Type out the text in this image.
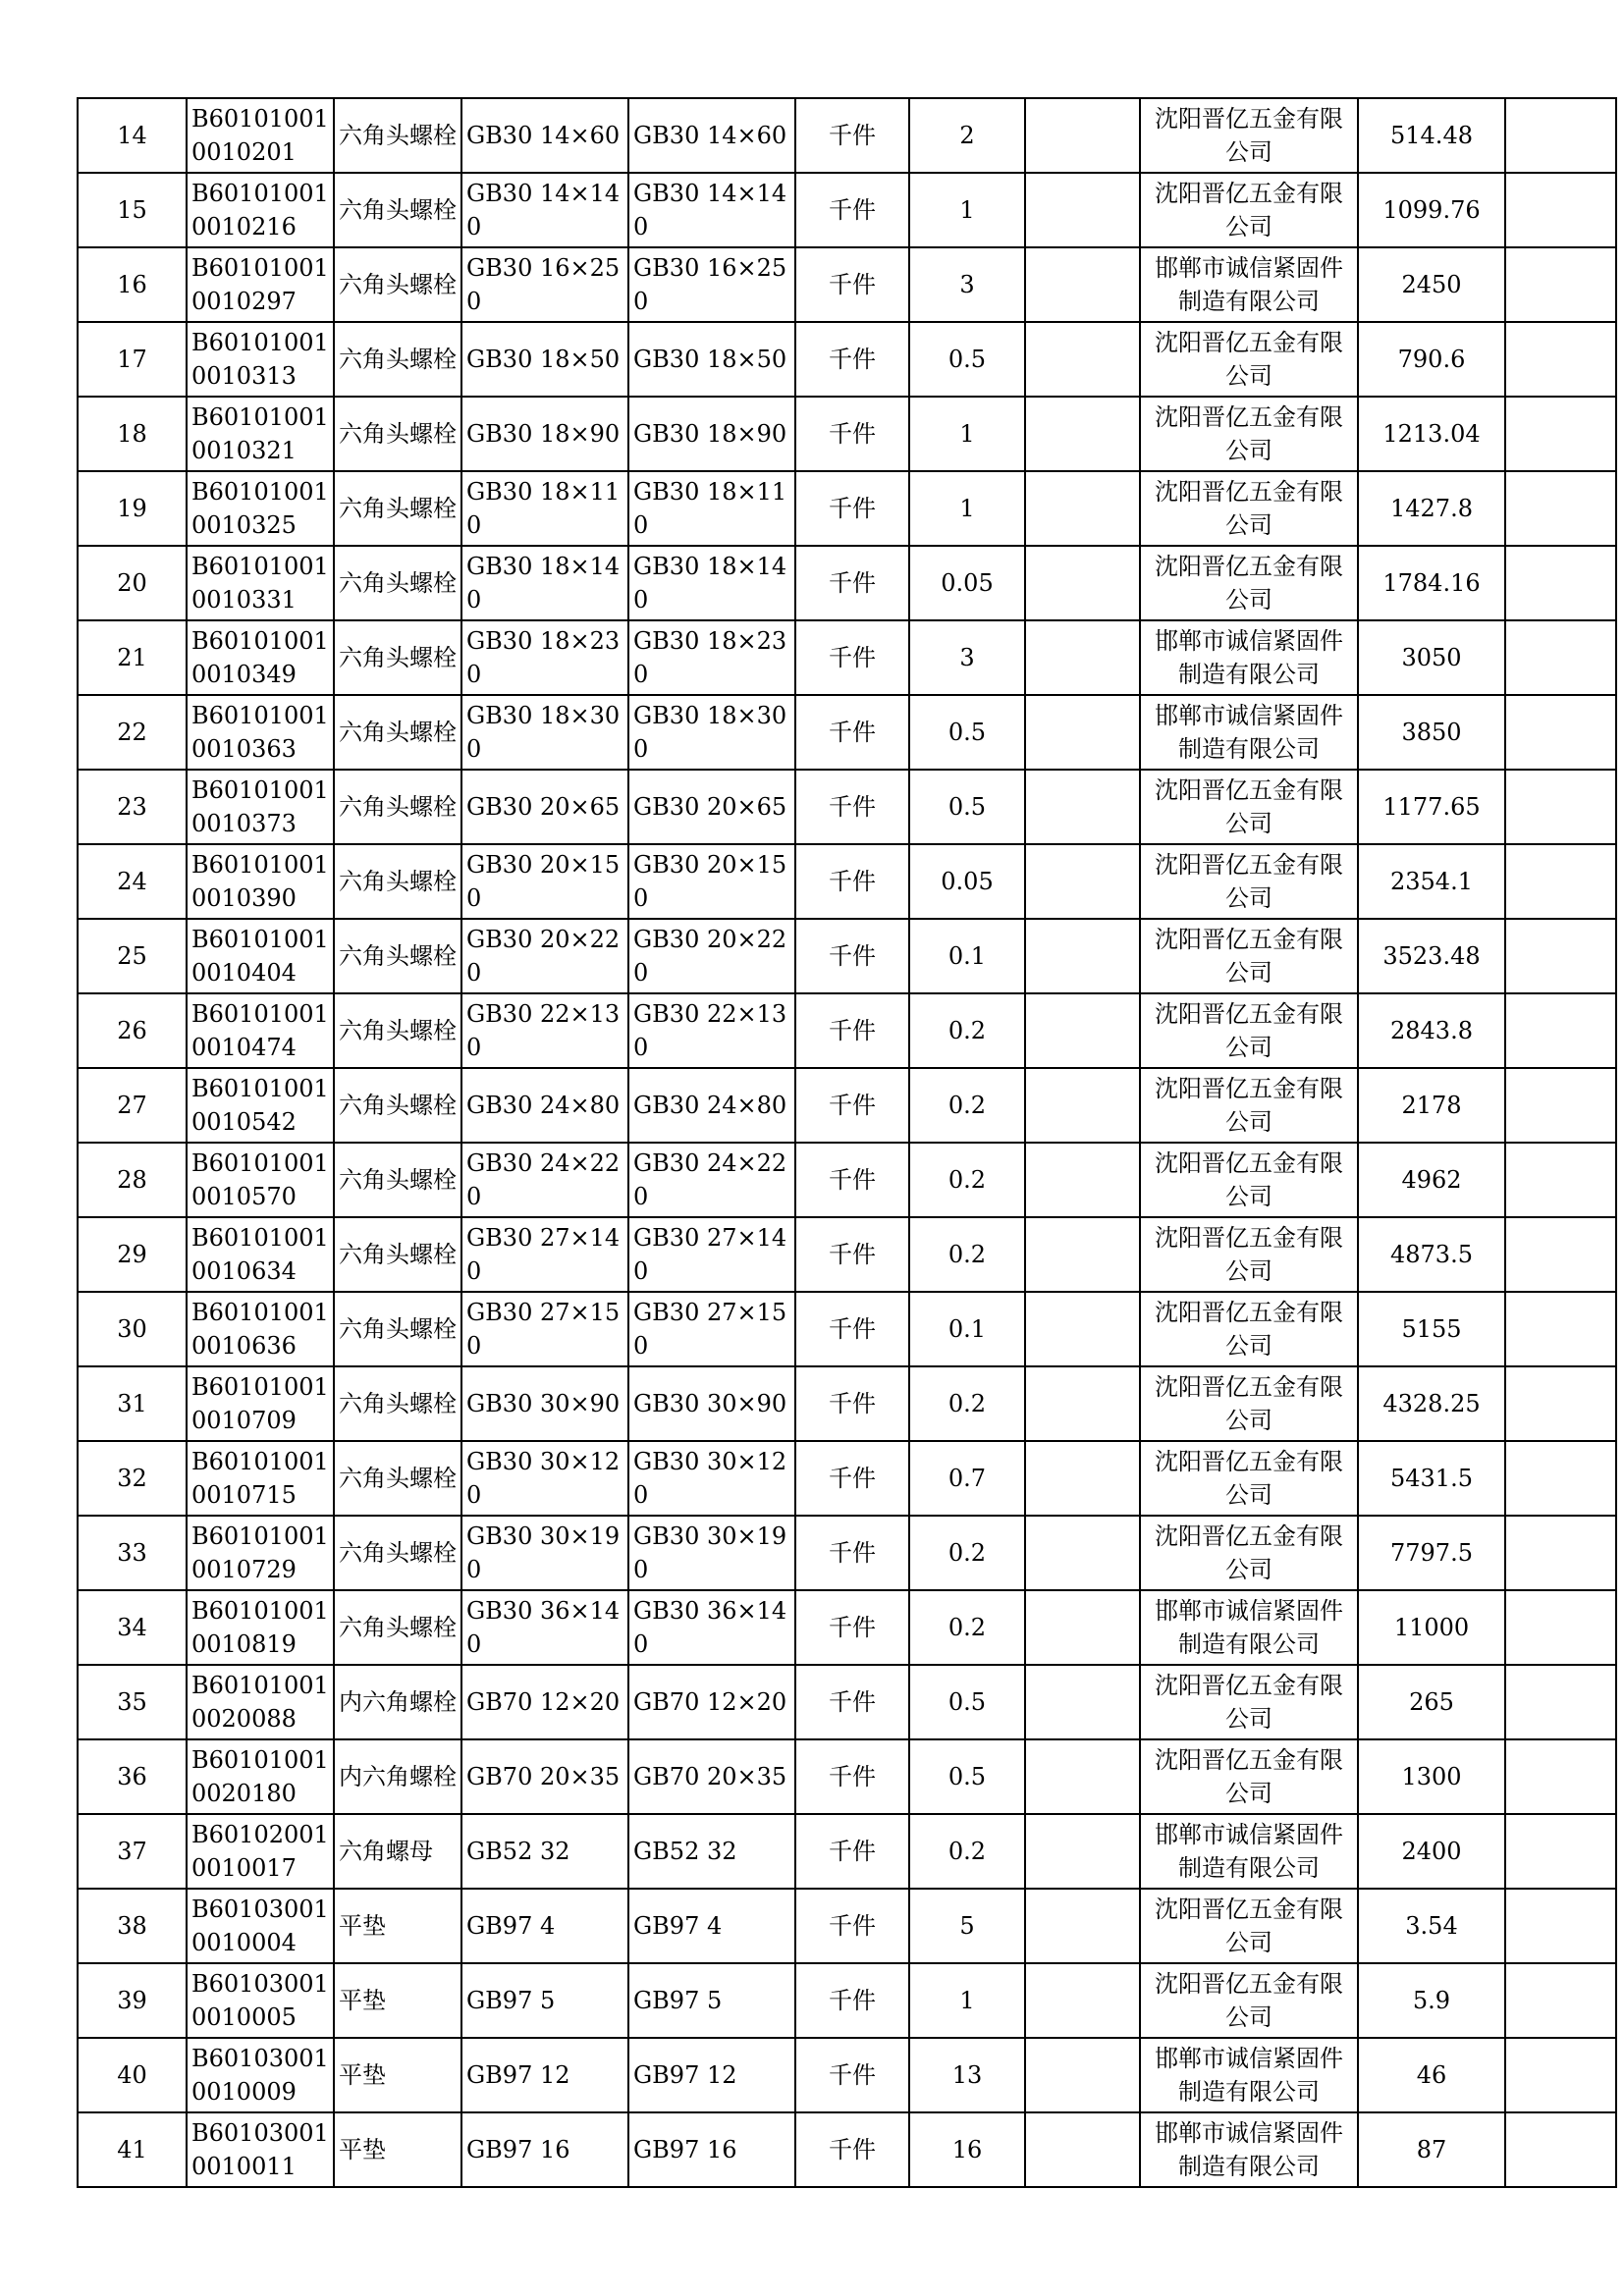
14	B601010010010201	六角头螺栓	GB30 14×60	GB30 14×60	千件	2		沈阳晋亿五金有限公司	514.48	
15	B601010010010216	六角头螺栓	GB30 14×140	GB30 14×140	千件	1		沈阳晋亿五金有限公司	1099.76	
16	B601010010010297	六角头螺栓	GB30 16×250	GB30 16×250	千件	3		邯郸市诚信紧固件制造有限公司	2450	
17	B601010010010313	六角头螺栓	GB30 18×50	GB30 18×50	千件	0.5		沈阳晋亿五金有限公司	790.6	
18	B601010010010321	六角头螺栓	GB30 18×90	GB30 18×90	千件	1		沈阳晋亿五金有限公司	1213.04	
19	B601010010010325	六角头螺栓	GB30 18×110	GB30 18×110	千件	1		沈阳晋亿五金有限公司	1427.8	
20	B601010010010331	六角头螺栓	GB30 18×140	GB30 18×140	千件	0.05		沈阳晋亿五金有限公司	1784.16	
21	B601010010010349	六角头螺栓	GB30 18×230	GB30 18×230	千件	3		邯郸市诚信紧固件制造有限公司	3050	
22	B601010010010363	六角头螺栓	GB30 18×300	GB30 18×300	千件	0.5		邯郸市诚信紧固件制造有限公司	3850	
23	B601010010010373	六角头螺栓	GB30 20×65	GB30 20×65	千件	0.5		沈阳晋亿五金有限公司	1177.65	
24	B601010010010390	六角头螺栓	GB30 20×150	GB30 20×150	千件	0.05		沈阳晋亿五金有限公司	2354.1	
25	B601010010010404	六角头螺栓	GB30 20×220	GB30 20×220	千件	0.1		沈阳晋亿五金有限公司	3523.48	
26	B601010010010474	六角头螺栓	GB30 22×130	GB30 22×130	千件	0.2		沈阳晋亿五金有限公司	2843.8	
27	B601010010010542	六角头螺栓	GB30 24×80	GB30 24×80	千件	0.2		沈阳晋亿五金有限公司	2178	
28	B601010010010570	六角头螺栓	GB30 24×220	GB30 24×220	千件	0.2		沈阳晋亿五金有限公司	4962	
29	B601010010010634	六角头螺栓	GB30 27×140	GB30 27×140	千件	0.2		沈阳晋亿五金有限公司	4873.5	
30	B601010010010636	六角头螺栓	GB30 27×150	GB30 27×150	千件	0.1		沈阳晋亿五金有限公司	5155	
31	B601010010010709	六角头螺栓	GB30 30×90	GB30 30×90	千件	0.2		沈阳晋亿五金有限公司	4328.25	
32	B601010010010715	六角头螺栓	GB30 30×120	GB30 30×120	千件	0.7		沈阳晋亿五金有限公司	5431.5	
33	B601010010010729	六角头螺栓	GB30 30×190	GB30 30×190	千件	0.2		沈阳晋亿五金有限公司	7797.5	
34	B601010010010819	六角头螺栓	GB30 36×140	GB30 36×140	千件	0.2		邯郸市诚信紧固件制造有限公司	11000	
35	B601010010020088	内六角螺栓	GB70 12×20	GB70 12×20	千件	0.5		沈阳晋亿五金有限公司	265	
36	B601010010020180	内六角螺栓	GB70 20×35	GB70 20×35	千件	0.5		沈阳晋亿五金有限公司	1300	
37	B601020010010017	六角螺母	GB52 32	GB52 32	千件	0.2		邯郸市诚信紧固件制造有限公司	2400	
38	B601030010010004	平垫	GB97 4	GB97 4	千件	5		沈阳晋亿五金有限公司	3.54	
39	B601030010010005	平垫	GB97 5	GB97 5	千件	1		沈阳晋亿五金有限公司	5.9	
40	B601030010010009	平垫	GB97 12	GB97 12	千件	13		邯郸市诚信紧固件制造有限公司	46	
41	B601030010010011	平垫	GB97 16	GB97 16	千件	16		邯郸市诚信紧固件制造有限公司	87	
